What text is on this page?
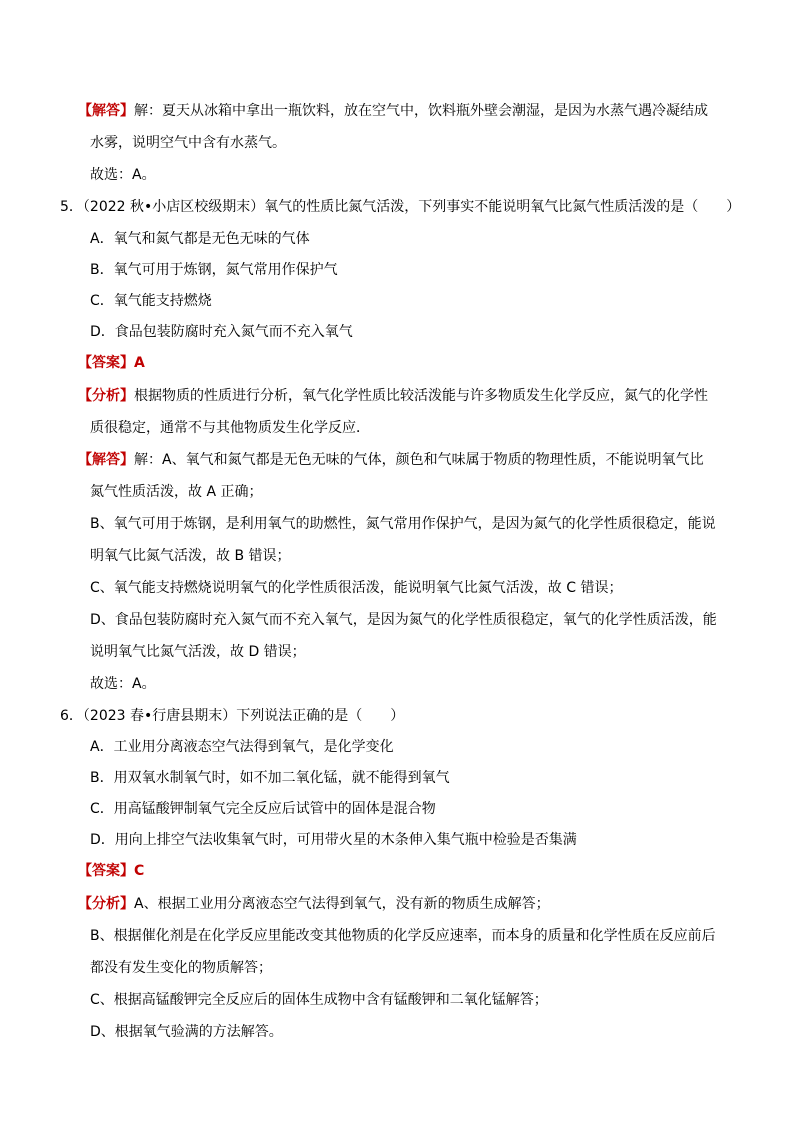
【解答】解：夏天从冰箱中拿出一瓶饮料，放在空气中，饮料瓶外壁会潮湿，是因为水蒸气遇冷凝结成
水雾，说明空气中含有水蒸气。
故选：A。
5．（2022 秋•小店区校级期末）氧气的性质比氮气活泼，下列事实不能说明氧气比氮气性质活泼的是（　　）
A．氧气和氮气都是无色无味的气体
B．氧气可用于炼钢，氮气常用作保护气
C．氧气能支持燃烧
D．食品包装防腐时充入氮气而不充入氧气
【答案】A
【分析】根据物质的性质进行分析，氧气化学性质比较活泼能与许多物质发生化学反应，氮气的化学性
质很稳定，通常不与其他物质发生化学反应．
【解答】解：A、氧气和氮气都是无色无味的气体，颜色和气味属于物质的物理性质，不能说明氧气比
氮气性质活泼，故 A 正确；
B、氧气可用于炼钢，是利用氧气的助燃性，氮气常用作保护气，是因为氮气的化学性质很稳定，能说
明氧气比氮气活泼，故 B 错误；
C、氧气能支持燃烧说明氧气的化学性质很活泼，能说明氧气比氮气活泼，故 C 错误；
D、食品包装防腐时充入氮气而不充入氧气，是因为氮气的化学性质很稳定，氧气的化学性质活泼，能
说明氧气比氮气活泼，故 D 错误；
故选：A。
6．（2023 春•行唐县期末）下列说法正确的是（　　）
A．工业用分离液态空气法得到氧气，是化学变化
B．用双氧水制氧气时，如不加二氧化锰，就不能得到氧气
C．用高锰酸钾制氧气完全反应后试管中的固体是混合物
D．用向上排空气法收集氧气时，可用带火星的木条伸入集气瓶中检验是否集满
【答案】C
【分析】A、根据工业用分离液态空气法得到氧气，没有新的物质生成解答；
B、根据催化剂是在化学反应里能改变其他物质的化学反应速率，而本身的质量和化学性质在反应前后
都没有发生变化的物质解答；
C、根据高锰酸钾完全反应后的固体生成物中含有锰酸钾和二氧化锰解答；
D、根据氧气验满的方法解答。
